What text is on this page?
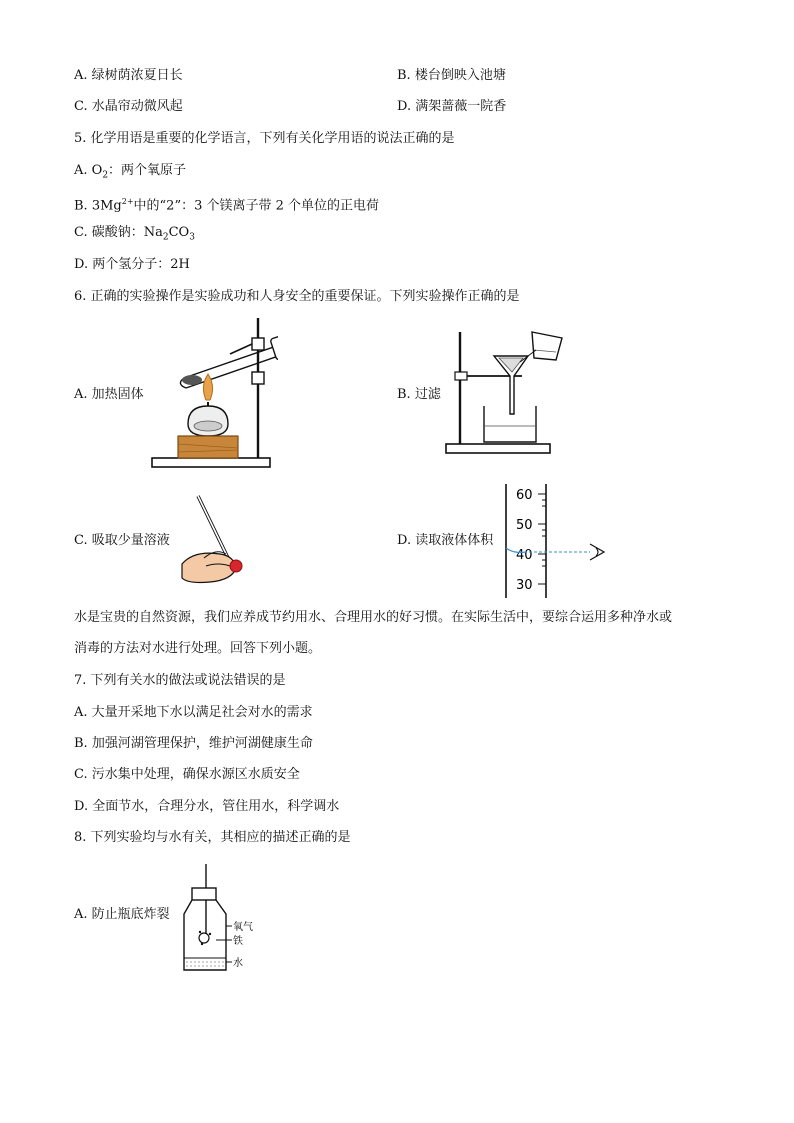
A. 绿树荫浓夏日长	B. 楼台倒映入池塘
C. 水晶帘动微风起	D. 满架蔷薇一院香
5. 化学用语是重要的化学语言，下列有关化学用语的说法正确的是
A. $O_2$：两个氧原子
B. $3Mg^{2+}$中的“2”：3 个镁离子带 2 个单位的正电荷
C. 碳酸钠：$Na_2CO_3$
D. 两个氢分子：2H
6. 正确的实验操作是实验成功和人身安全的重要保证。下列实验操作正确的是
A. 加热固体	B. 过滤
C. 吸取少量溶液	D. 读取液体体积
60
50
40
30
水是宝贵的自然资源，我们应养成节约用水、合理用水的好习惯。在实际生活中，要综合运用多种净水或
消毒的方法对水进行处理。回答下列小题。
7. 下列有关水的做法或说法错误的是
A. 大量开采地下水以满足社会对水的需求
B. 加强河湖管理保护，维护河湖健康生命
C. 污水集中处理，确保水源区水质安全
D. 全面节水，合理分水，管住用水，科学调水
8. 下列实验均与水有关，其相应的描述正确的是
A. 防止瓶底炸裂
氧气
铁
水
